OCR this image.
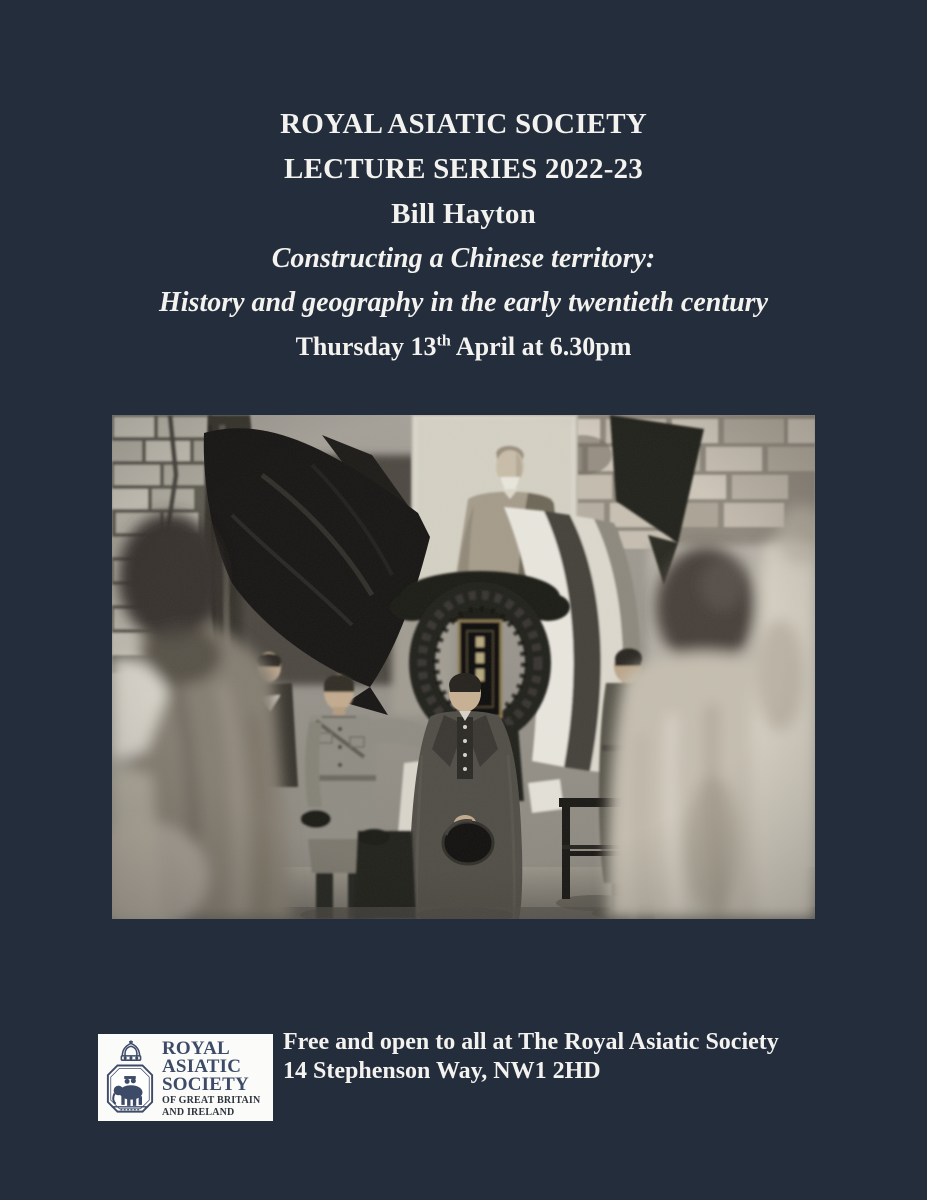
ROYAL ASIATIC SOCIETY
LECTURE SERIES 2022-23
Bill Hayton
Constructing a Chinese territory:
History and geography in the early twentieth century
Thursday 13th April at 6.30pm
ROYAL
ASIATIC
SOCIETY
OF GREAT BRITAIN
AND IRELAND
Free and open to all at The Royal Asiatic Society
14 Stephenson Way, NW1 2HD
